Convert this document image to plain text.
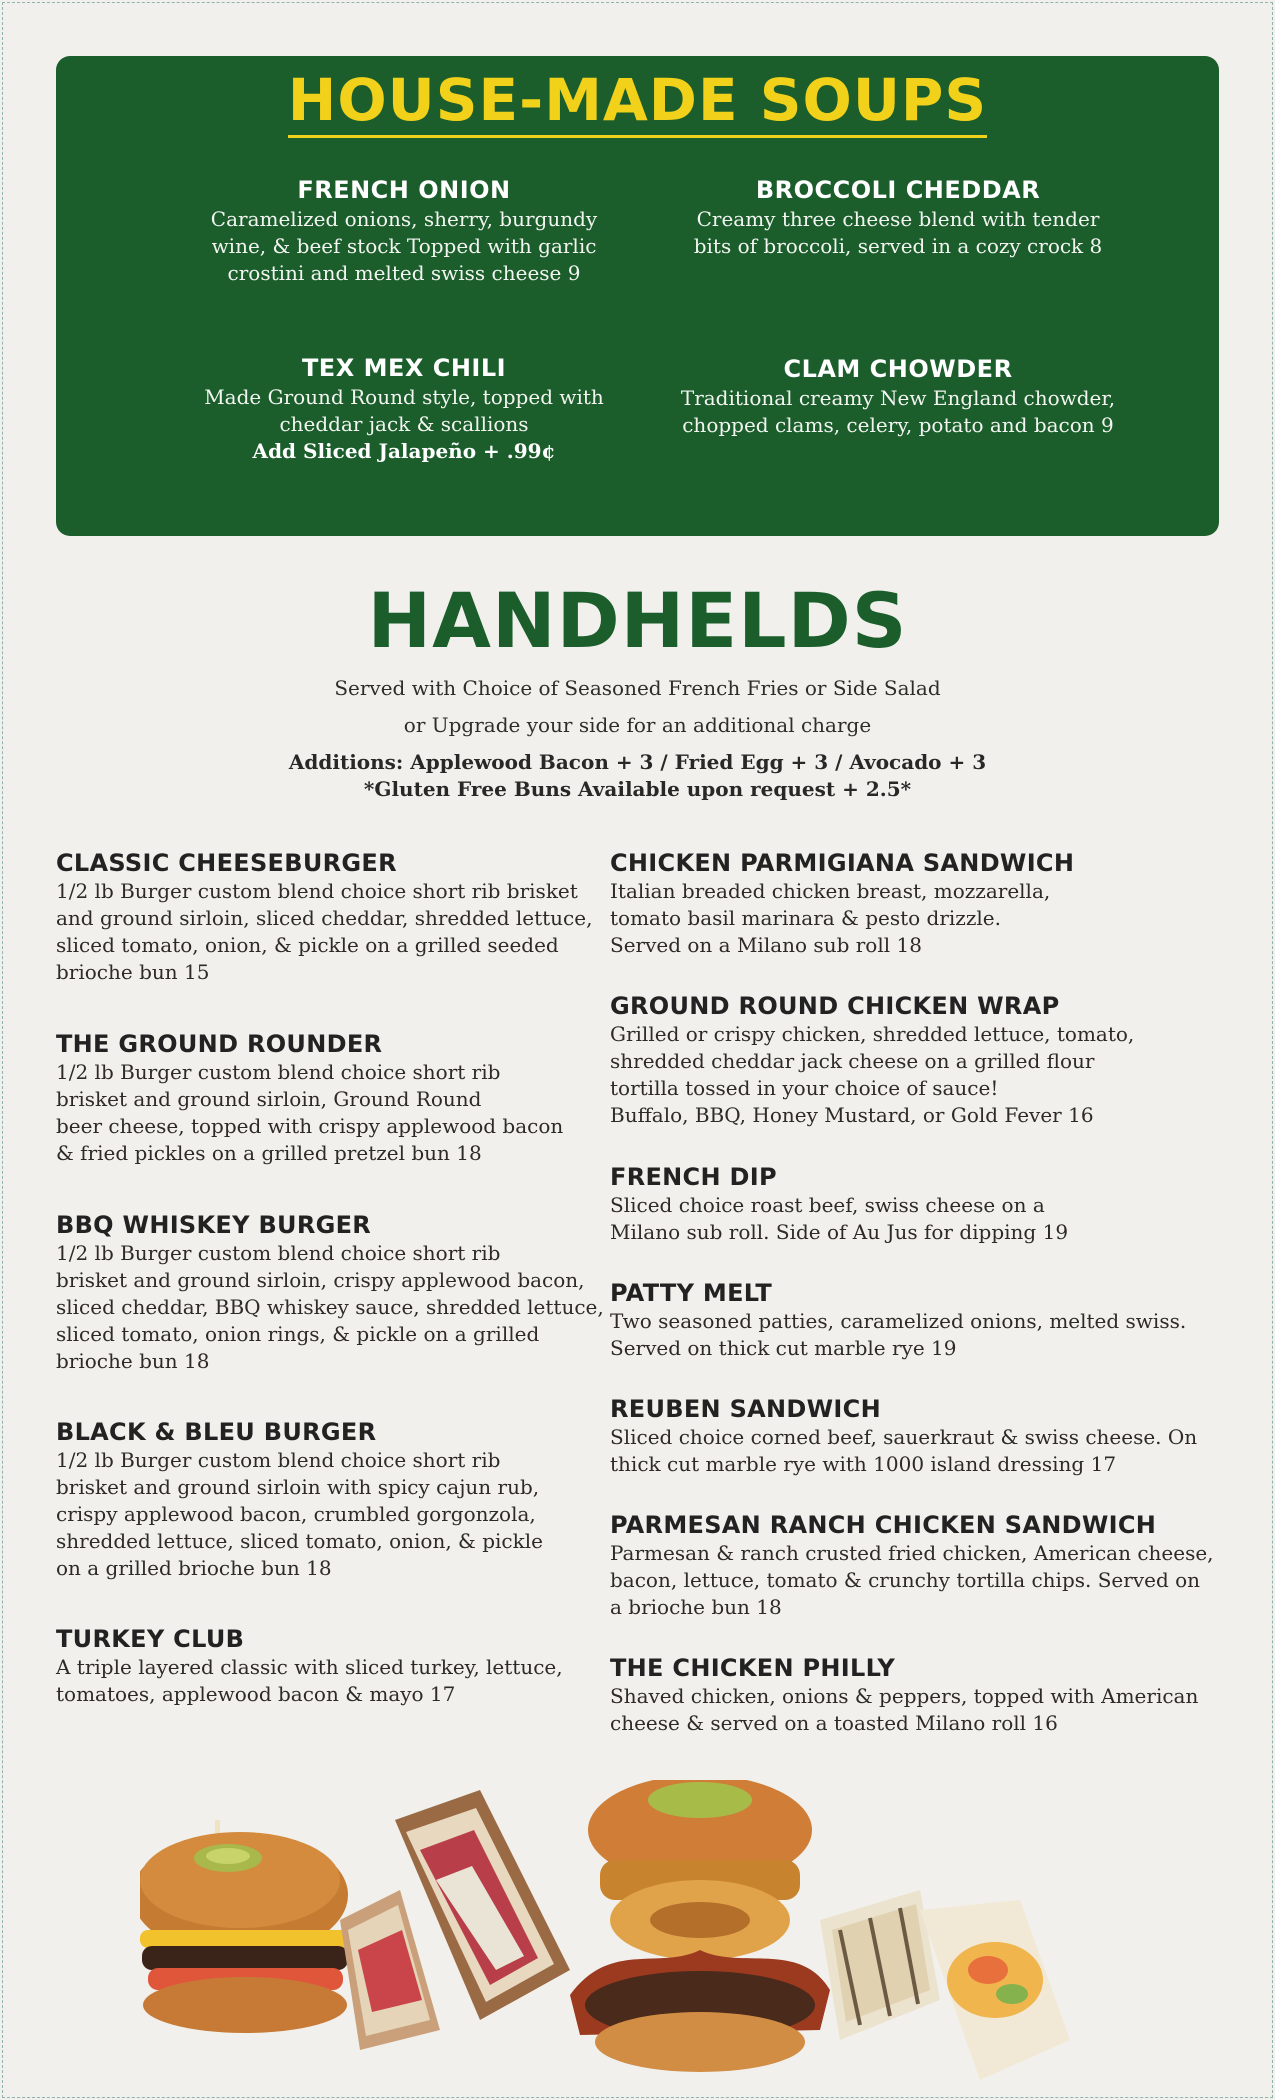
HOUSE-MADE SOUPS
FRENCH ONION
Caramelized onions, sherry, burgundy wine, & beef stock Topped with garlic crostini and melted swiss cheese 9
BROCCOLI CHEDDAR
Creamy three cheese blend with tender bits of broccoli, served in a cozy crock 8
TEX MEX CHILI
Made Ground Round style, topped with cheddar jack & scallions
Add Sliced Jalapeño + .99¢
CLAM CHOWDER
Traditional creamy New England chowder, chopped clams, celery, potato and bacon 9
HANDHELDS
Served with Choice of Seasoned French Fries or Side Salad
or Upgrade your side for an additional charge
Additions: Applewood Bacon + 3 / Fried Egg + 3 / Avocado + 3
*Gluten Free Buns Available upon request + 2.5*
CLASSIC CHEESEBURGER
1/2 lb Burger custom blend choice short rib brisket
and ground sirloin, sliced cheddar, shredded lettuce,
sliced tomato, onion, & pickle on a grilled seeded
brioche bun 15
THE GROUND ROUNDER
1/2 lb Burger custom blend choice short rib
brisket and ground sirloin, Ground Round
beer cheese, topped with crispy applewood bacon
& fried pickles on a grilled pretzel bun 18
BBQ WHISKEY BURGER
1/2 lb Burger custom blend choice short rib
brisket and ground sirloin, crispy applewood bacon,
sliced cheddar, BBQ whiskey sauce, shredded lettuce,
sliced tomato, onion rings, & pickle on a grilled
brioche bun 18
BLACK & BLEU BURGER
1/2 lb Burger custom blend choice short rib
brisket and ground sirloin with spicy cajun rub,
crispy applewood bacon, crumbled gorgonzola,
shredded lettuce, sliced tomato, onion, & pickle
on a grilled brioche bun 18
TURKEY CLUB
A triple layered classic with sliced turkey, lettuce,
tomatoes, applewood bacon & mayo 17
CHICKEN PARMIGIANA SANDWICH
Italian breaded chicken breast, mozzarella,
tomato basil marinara & pesto drizzle.
Served on a Milano sub roll 18
GROUND ROUND CHICKEN WRAP
Grilled or crispy chicken, shredded lettuce, tomato,
shredded cheddar jack cheese on a grilled flour
tortilla tossed in your choice of sauce!
Buffalo, BBQ, Honey Mustard, or Gold Fever 16
FRENCH DIP
Sliced choice roast beef, swiss cheese on a
Milano sub roll. Side of Au Jus for dipping 19
PATTY MELT
Two seasoned patties, caramelized onions, melted swiss.
Served on thick cut marble rye 19
REUBEN SANDWICH
Sliced choice corned beef, sauerkraut & swiss cheese. On
thick cut marble rye with 1000 island dressing 17
PARMESAN RANCH CHICKEN SANDWICH
Parmesan & ranch crusted fried chicken, American cheese,
bacon, lettuce, tomato & crunchy tortilla chips. Served on
a brioche bun 18
THE CHICKEN PHILLY
Shaved chicken, onions & peppers, topped with American
cheese & served on a toasted Milano roll 16
